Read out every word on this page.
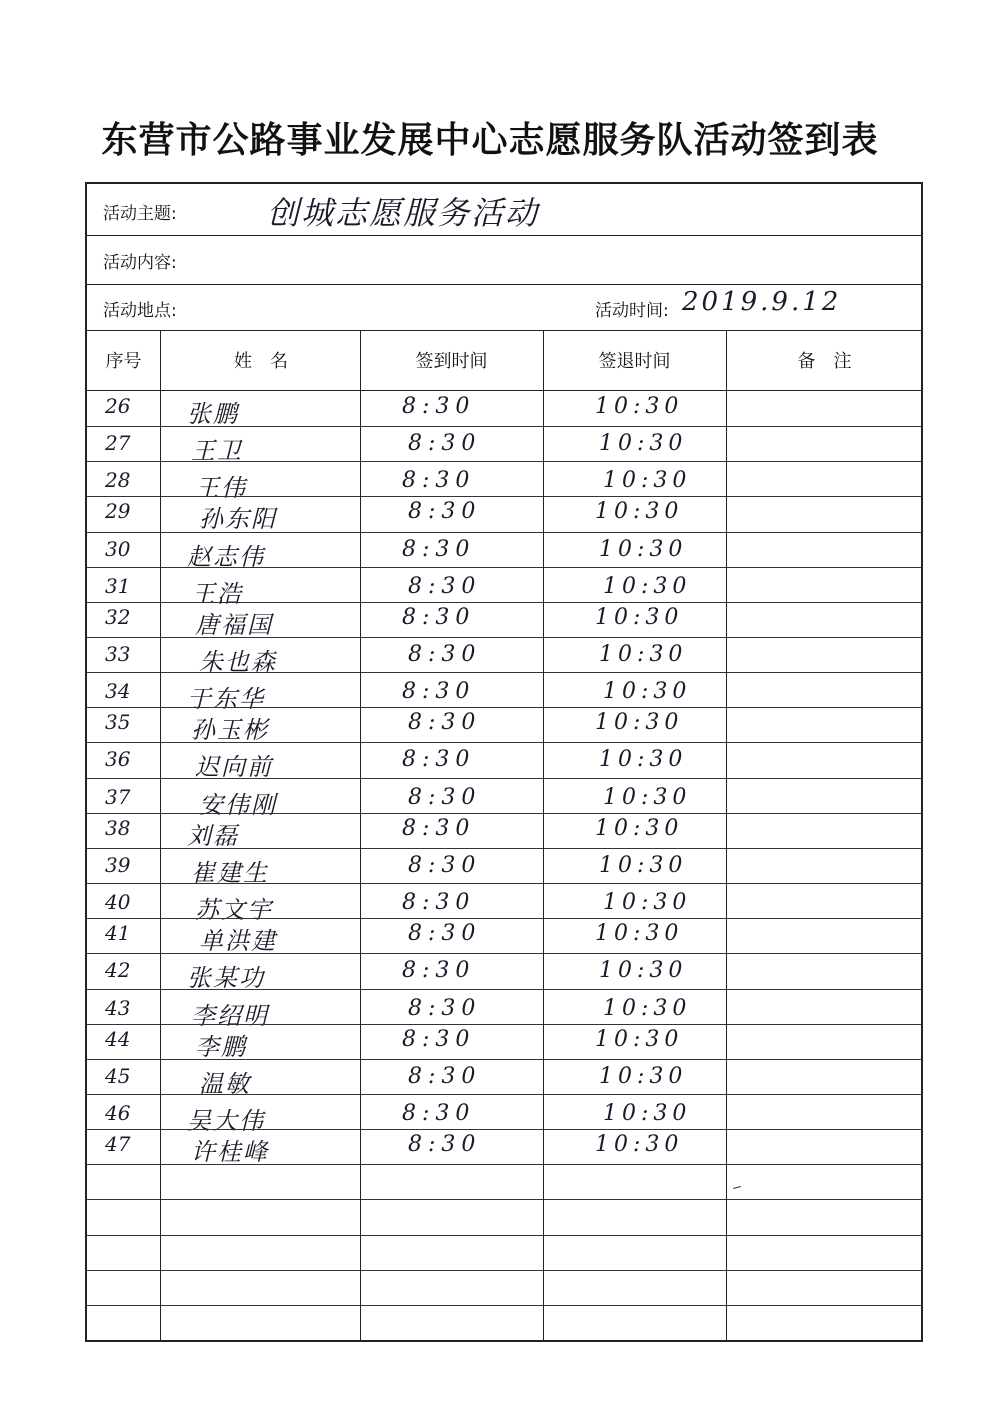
东营市公路事业发展中心志愿服务队活动签到表
活动主题:	创城志愿服务活动
活动内容:
活动地点:	活动时间: 2019.9.12
序号	姓　名	签到时间	签退时间	备　注
26 张鹏	8:30	10:30
27	王卫	8:30	10:30
28	王伟	8:30	10:30
29	孙东阳	8:30	10:30
30 赵志伟	8:30	10:30
31	王浩	8:30	10:30
32	唐福国	8:30	10:30
33	朱也森	8:30	10:30
34 于东华	8:30	10:30
35	孙玉彬	8:30	10:30
36	迟向前	8:30	10:30
37	安伟刚	8:30	10:30
38 刘磊	8:30	10:30
39	崔建生	8:30	10:30
40	苏文宇	8:30	10:30
41	单洪建	8:30	10:30
42 张某功	8:30	10:30
43	李绍明	8:30	10:30
44	李鹏	8:30	10:30
45	温敏	8:30	10:30
46 吴大伟	8:30	10:30
47	许桂峰	8:30	10:30
